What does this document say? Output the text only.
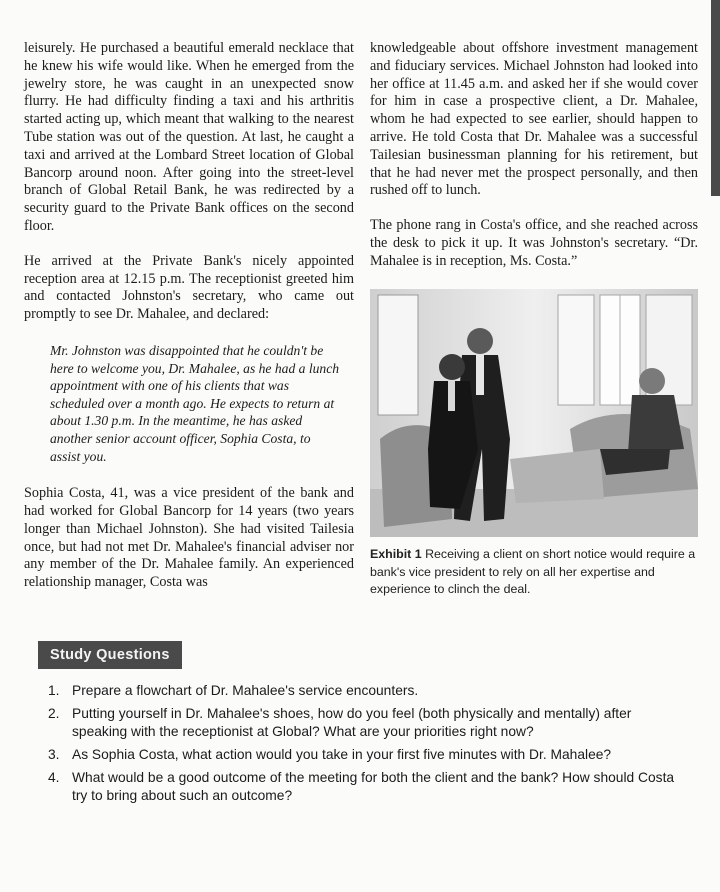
leisurely. He purchased a beautiful emerald necklace that he knew his wife would like. When he emerged from the jewelry store, he was caught in an unexpected snow flurry. He had difficulty finding a taxi and his arthritis started acting up, which meant that walking to the nearest Tube station was out of the question. At last, he caught a taxi and arrived at the Lombard Street location of Global Bancorp around noon. After going into the street-level branch of Global Retail Bank, he was redirected by a security guard to the Private Bank offices on the second floor.

He arrived at the Private Bank's nicely appointed reception area at 12.15 p.m. The receptionist greeted him and contacted Johnston's secretary, who came out promptly to see Dr. Mahalee, and declared:

Mr. Johnston was disappointed that he couldn't be here to welcome you, Dr. Mahalee, as he had a lunch appointment with one of his clients that was scheduled over a month ago. He expects to return at about 1.30 p.m. In the meantime, he has asked another senior account officer, Sophia Costa, to assist you.

Sophia Costa, 41, was a vice president of the bank and had worked for Global Bancorp for 14 years (two years longer than Michael Johnston). She had visited Tailesia once, but had not met Dr. Mahalee's financial adviser nor any member of the Dr. Mahalee family. An experienced relationship manager, Costa was

knowledgeable about offshore investment management and fiduciary services. Michael Johnston had looked into her office at 11.45 a.m. and asked her if she would cover for him in case a prospective client, a Dr. Mahalee, whom he had expected to see earlier, should happen to arrive. He told Costa that Dr. Mahalee was a successful Tailesian businessman planning for his retirement, but that he had never met the prospect personally, and then rushed off to lunch.

The phone rang in Costa's office, and she reached across the desk to pick it up. It was Johnston's secretary. “Dr. Mahalee is in reception, Ms. Costa.”

Exhibit 1 Receiving a client on short notice would require a bank's vice president to rely on all her expertise and experience to clinch the deal.
Study Questions
1. Prepare a flowchart of Dr. Mahalee's service encounters.
2. Putting yourself in Dr. Mahalee's shoes, how do you feel (both physically and mentally) after speaking with the receptionist at Global? What are your priorities right now?
3. As Sophia Costa, what action would you take in your first five minutes with Dr. Mahalee?
4. What would be a good outcome of the meeting for both the client and the bank? How should Costa try to bring about such an outcome?
